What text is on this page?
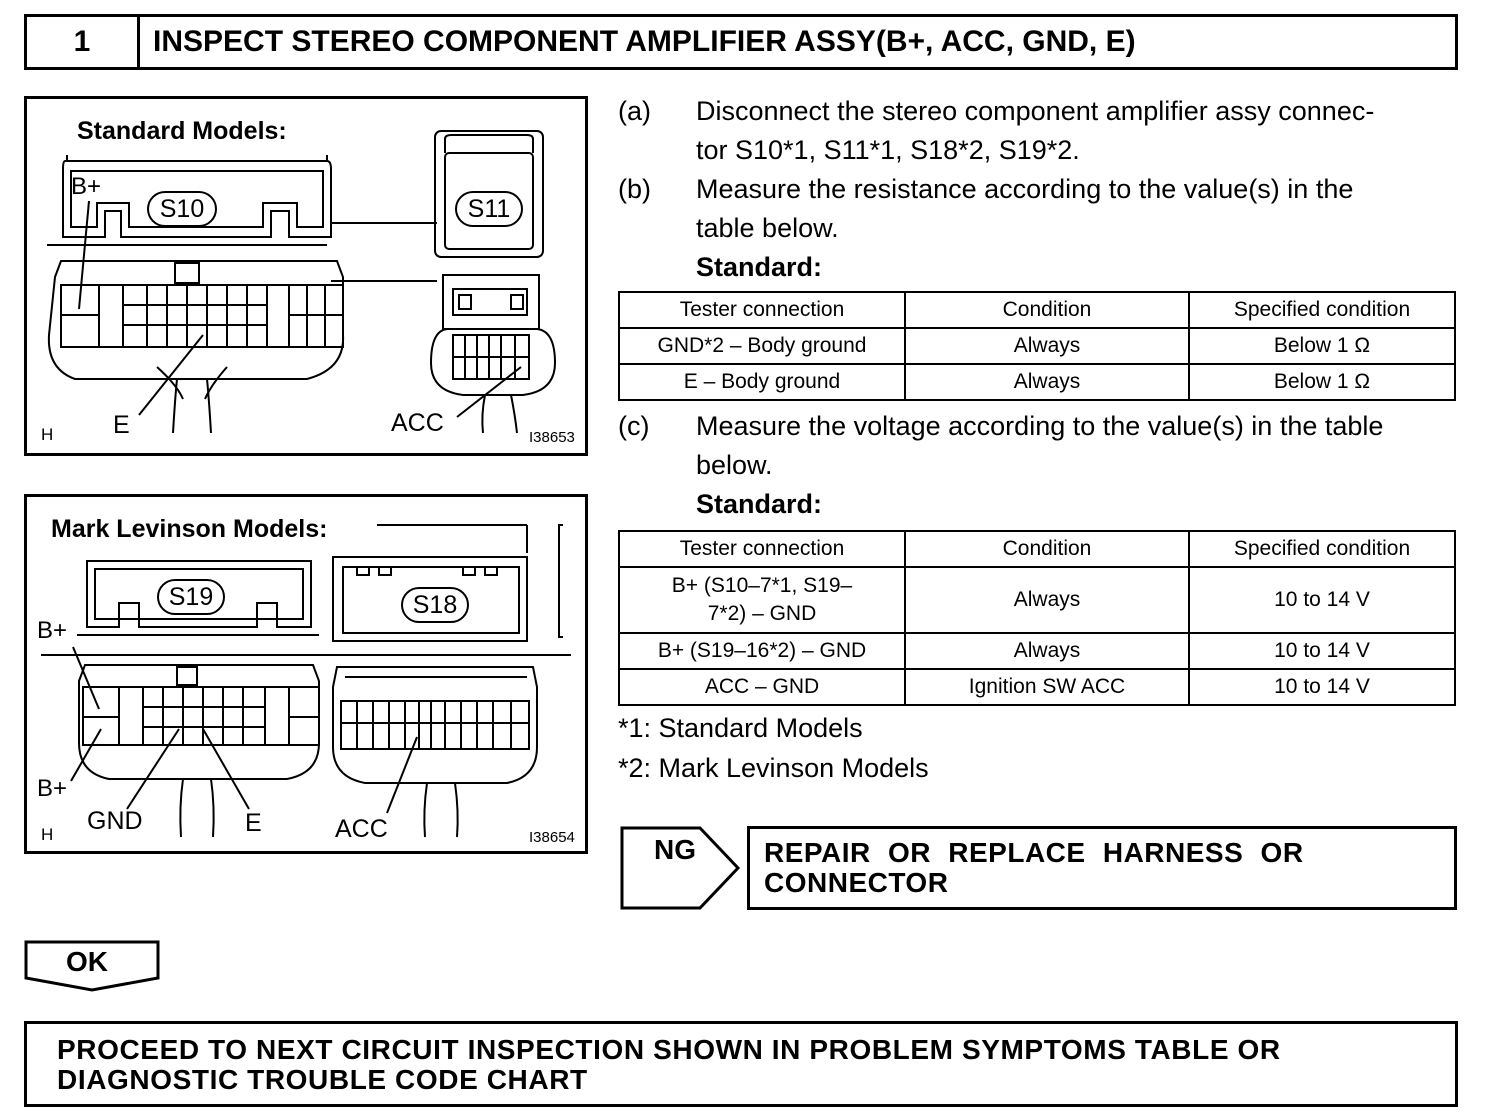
1	INSPECT STEREO COMPONENT AMPLIFIER ASSY(B+, ACC, GND, E)
Standard Models:
S10	S11
B+
E	ACC
H	I38653
Mark Levinson Models:
S19	S18
B+
B+
GND	E	ACC
H	I38654
(a) Disconnect the stereo component amplifier assy connec-
tor S10*1, S11*1, S18*2, S19*2.
(b) Measure the resistance according to the value(s) in the
table below.
Standard:
Tester connection	Condition	Specified condition
GND*2 – Body ground	Always	Below 1 Ω
E – Body ground	Always	Below 1 Ω
(c) Measure the voltage according to the value(s) in the table
below.
Standard:
Tester connection	Condition	Specified condition
B+ (S10–7*1, S19–7*2) – GND	Always	10 to 14 V
B+ (S19–16*2) – GND	Always	10 to 14 V
ACC – GND	Ignition SW ACC	10 to 14 V
*1: Standard Models
*2: Mark Levinson Models
NG REPAIR OR REPLACE HARNESS OR
CONNECTOR
OK
PROCEED TO NEXT CIRCUIT INSPECTION SHOWN IN PROBLEM SYMPTOMS TABLE OR
DIAGNOSTIC TROUBLE CODE CHART
